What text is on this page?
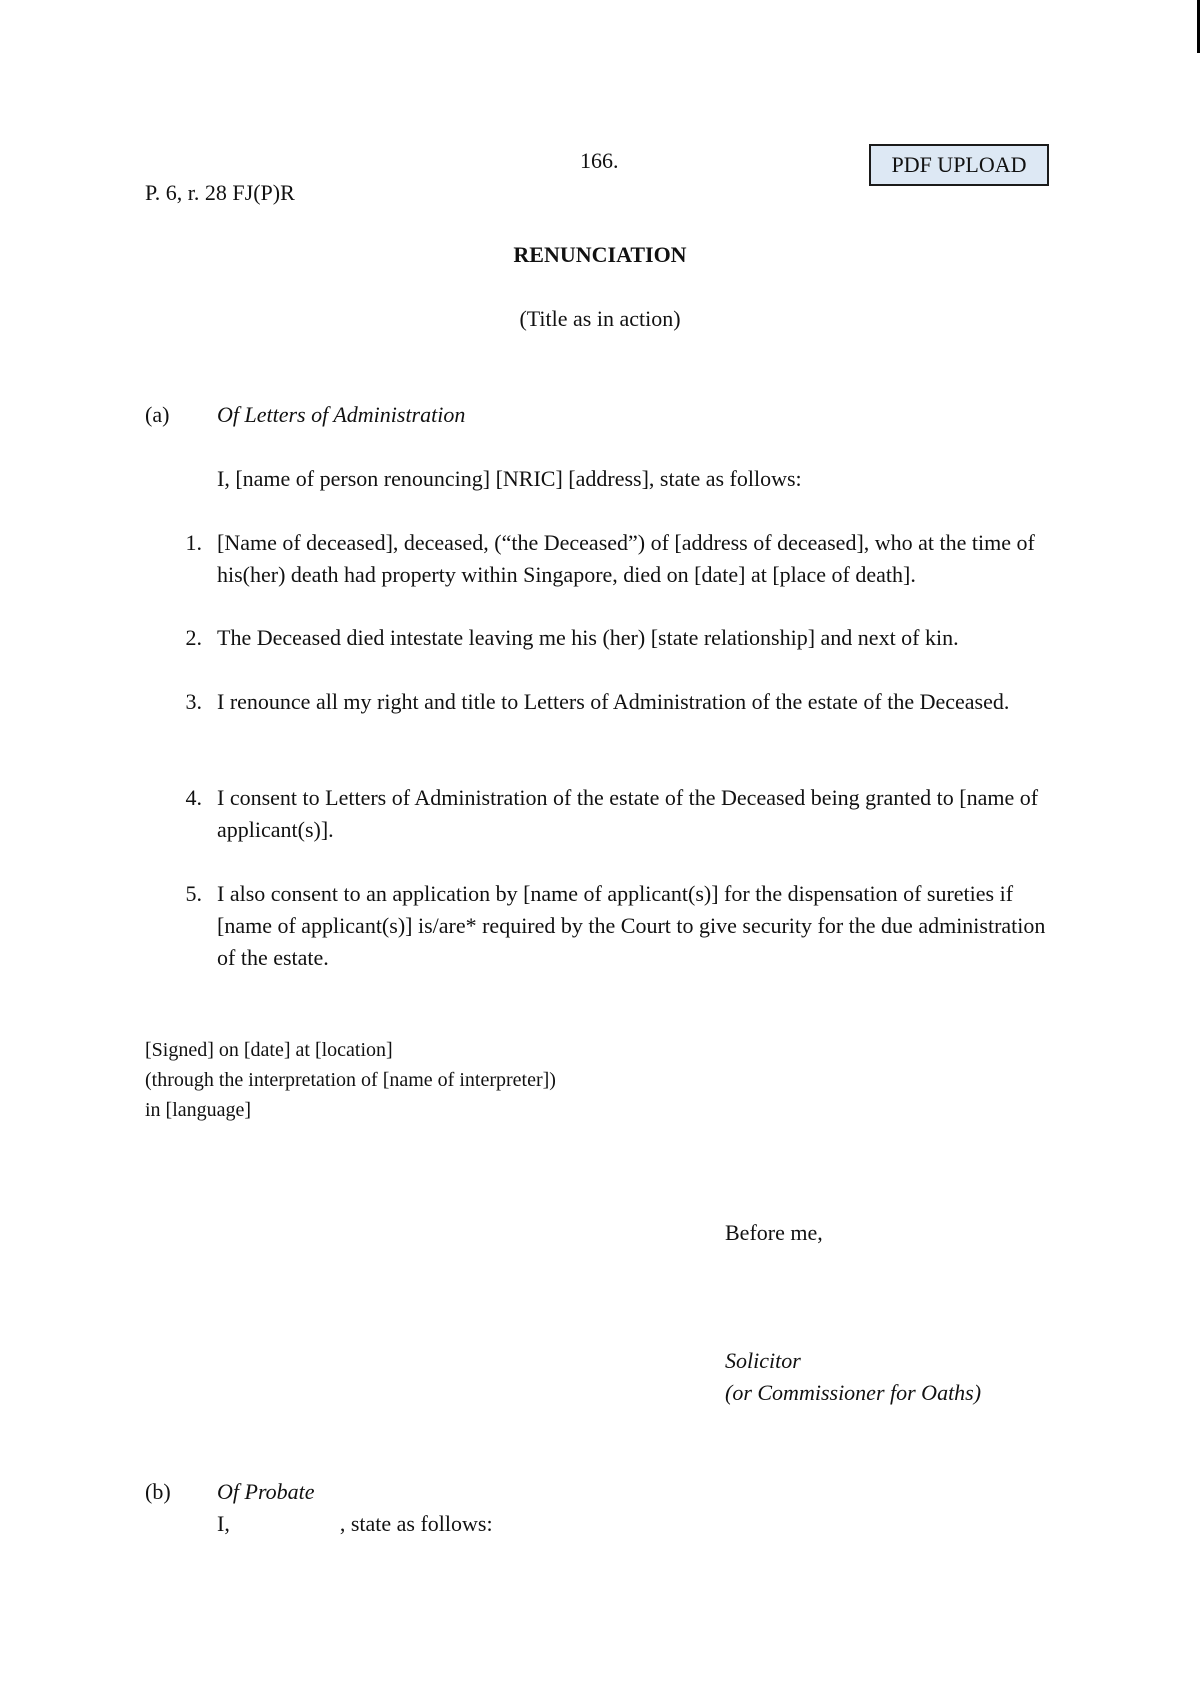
166.
P. 6, r. 28 FJ(P)R
PDF UPLOAD
RENUNCIATION
(Title as in action)
(a) Of Letters of Administration
I, [name of person renouncing] [NRIC] [address], state as follows:
1. [Name of deceased], deceased, (“the Deceased”) of [address of deceased], who at the time of his(her) death had property within Singapore, died on [date] at [place of death].
2. The Deceased died intestate leaving me his (her) [state relationship] and next of kin.
3. I renounce all my right and title to Letters of Administration of the estate of the Deceased.
4. I consent to Letters of Administration of the estate of the Deceased being granted to [name of applicant(s)].
5. I also consent to an application by [name of applicant(s)] for the dispensation of sureties if [name of applicant(s)] is/are* required by the Court to give security for the due administration of the estate.
[Signed] on [date] at [location]
(through the interpretation of [name of interpreter])
in [language]
Before me,
Solicitor
(or Commissioner for Oaths)
(b) Of Probate
I,	, state as follows:
